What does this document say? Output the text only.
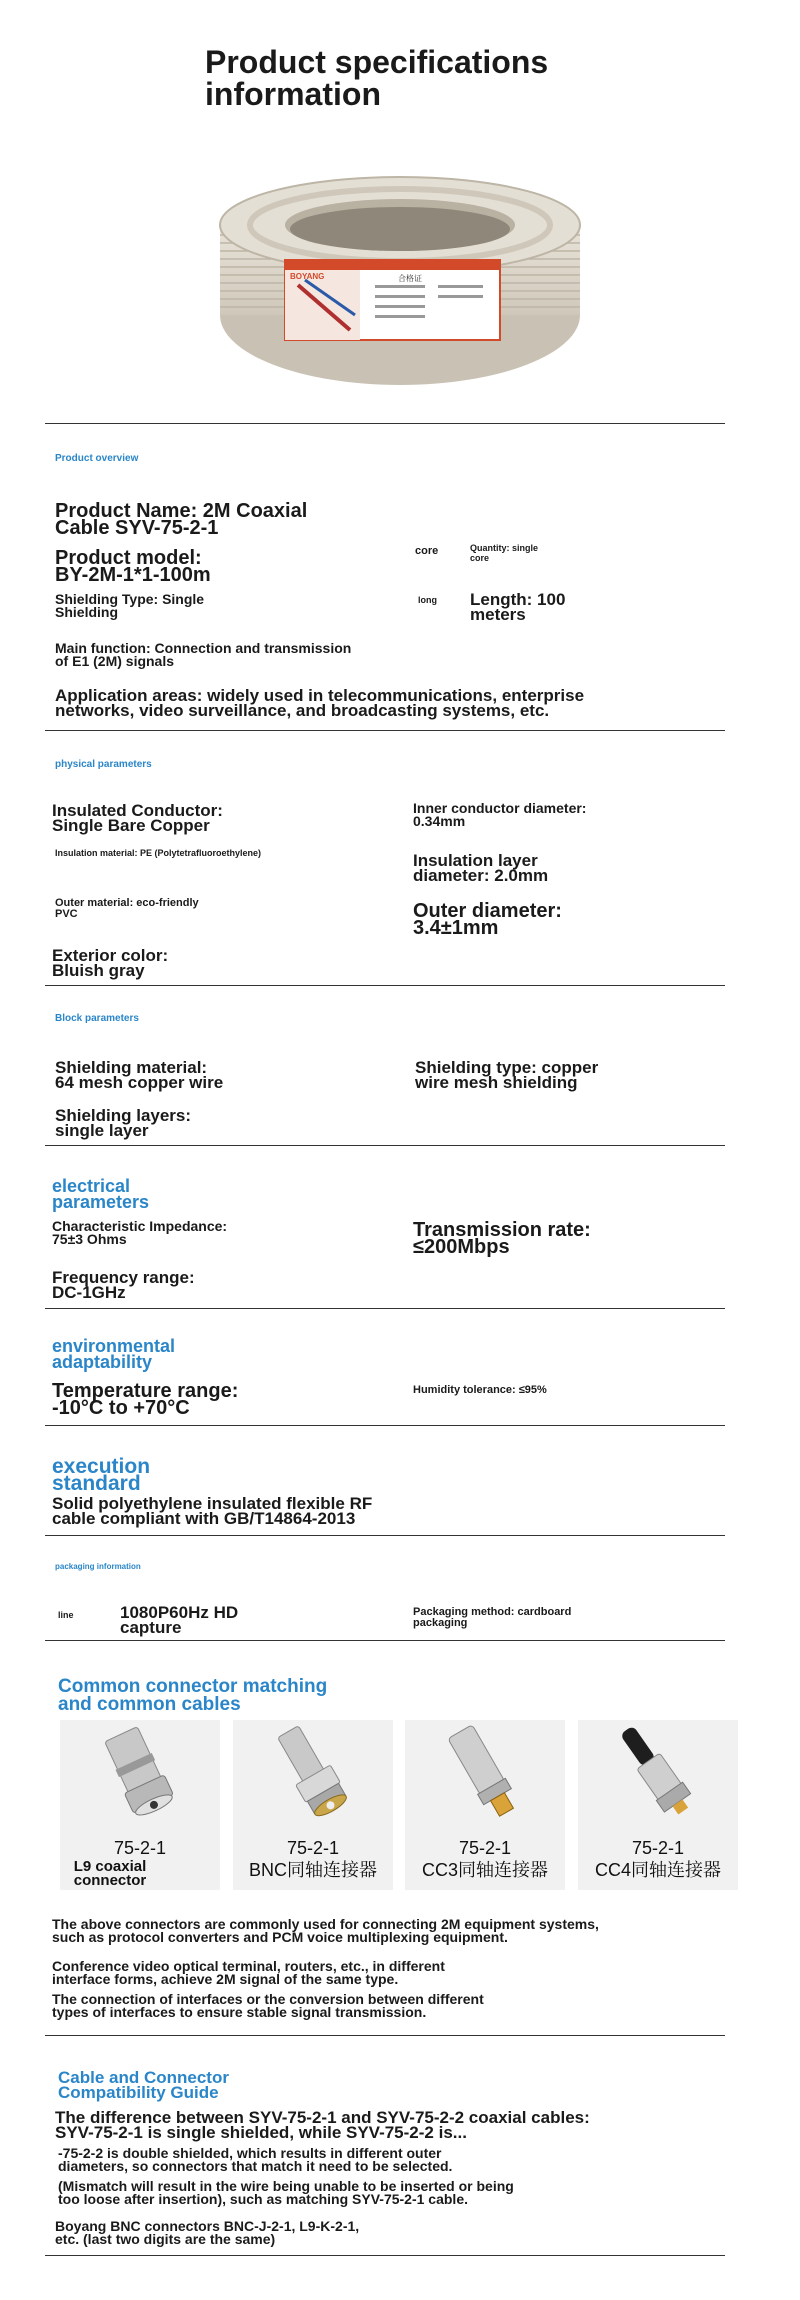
Product specifications
information
BOYANG	合格证
Product overview
Product Name: 2M Coaxial
Cable SYV-75-2-1
Product model:
BY-2M-1*1-100m
core	Quantity: single
core
Shielding Type: Single
Shielding
long Length: 100
meters
Main function: Connection and transmission
of E1 (2M) signals
Application areas: widely used in telecommunications, enterprise
networks, video surveillance, and broadcasting systems, etc.
physical parameters
Insulated Conductor:
Single Bare Copper
Inner conductor diameter:
0.34mm
Insulation material: PE (Polytetrafluoroethylene)	Insulation layer
diameter: 2.0mm
Outer material: eco-friendly
PVC	Outer diameter:
3.4±1mm
Exterior color:
Bluish gray
Block parameters
Shielding material:
64 mesh copper wire
Shielding type: copper
wire mesh shielding
Shielding layers:
single layer
electrical
parameters
Characteristic Impedance:
75±3 Ohms	Transmission rate:
≤200Mbps
Frequency range:
DC-1GHz
environmental
adaptability
Temperature range:
-10°C to +70°C
Humidity tolerance: ≤95%
execution
standard
Solid polyethylene insulated flexible RF
cable compliant with GB/T14864-2013
packaging information
line	1080P60Hz HD
capture
Packaging method: cardboard
packaging
Common connector matching
and common cables
75-2-1
L9 coaxial
connector
75-2-1
BNC同轴连接器
75-2-1
CC3同轴连接器
75-2-1
CC4同轴连接器
The above connectors are commonly used for connecting 2M equipment systems,
such as protocol converters and PCM voice multiplexing equipment.
Conference video optical terminal, routers, etc., in different
interface forms, achieve 2M signal of the same type.
The connection of interfaces or the conversion between different
types of interfaces to ensure stable signal transmission.
Cable and Connector
Compatibility Guide
The difference between SYV-75-2-1 and SYV-75-2-2 coaxial cables:
SYV-75-2-1 is single shielded, while SYV-75-2-2 is...
-75-2-2 is double shielded, which results in different outer
diameters, so connectors that match it need to be selected.
(Mismatch will result in the wire being unable to be inserted or being
too loose after insertion), such as matching SYV-75-2-1 cable.
Boyang BNC connectors BNC-J-2-1, L9-K-2-1,
etc. (last two digits are the same)
